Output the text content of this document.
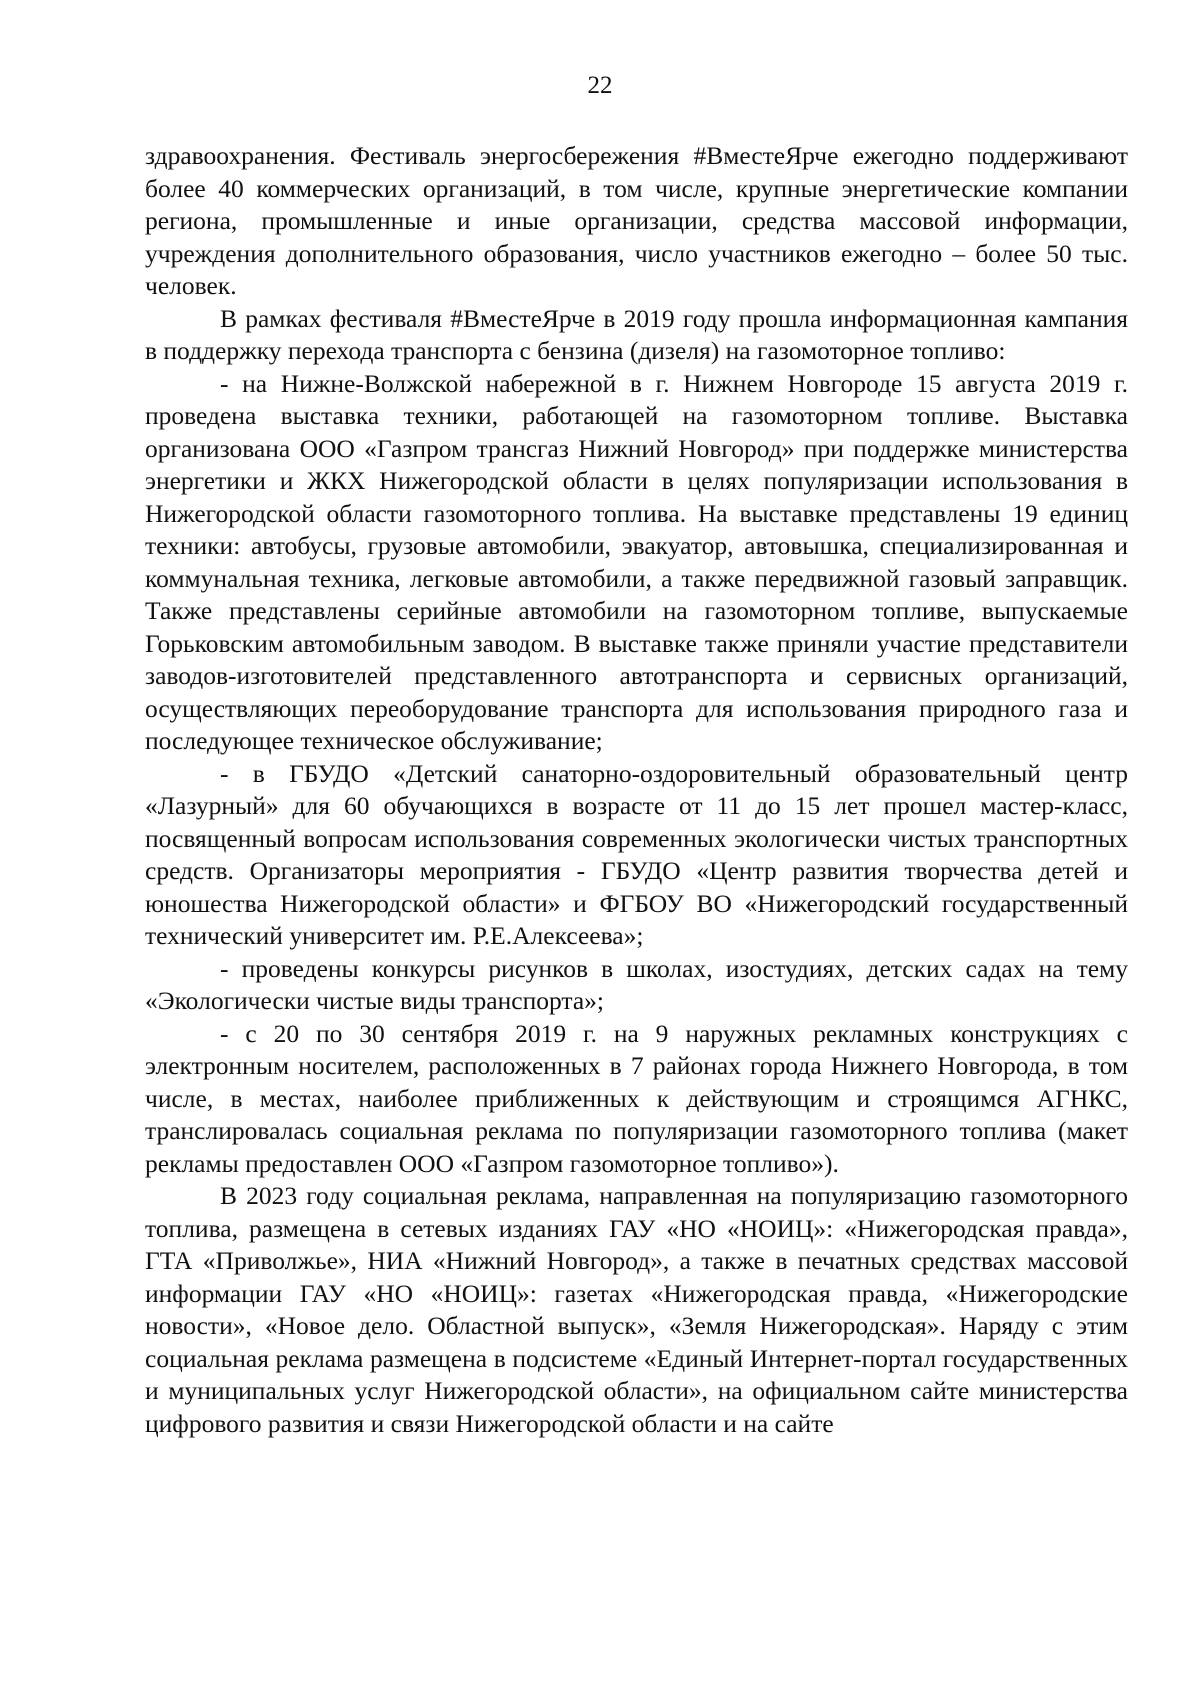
22

здравоохранения. Фестиваль энергосбережения #ВместеЯрче ежегодно поддерживают более 40 коммерческих организаций, в том числе, крупные энергетические компании региона, промышленные и иные организации, средства массовой информации, учреждения дополнительного образования, число участников ежегодно – более 50 тыс. человек.

В рамках фестиваля #ВместеЯрче в 2019 году прошла информационная кампания в поддержку перехода транспорта с бензина (дизеля) на газомоторное топливо:

- на Нижне-Волжской набережной в г. Нижнем Новгороде 15 августа 2019 г. проведена выставка техники, работающей на газомоторном топливе. Выставка организована ООО «Газпром трансгаз Нижний Новгород» при поддержке министерства энергетики и ЖКХ Нижегородской области в целях популяризации использования в Нижегородской области газомоторного топлива. На выставке представлены 19 единиц техники: автобусы, грузовые автомобили, эвакуатор, автовышка, специализированная и коммунальная техника, легковые автомобили, а также передвижной газовый заправщик. Также представлены серийные автомобили на газомоторном топливе, выпускаемые Горьковским автомобильным заводом. В выставке также приняли участие представители заводов-изготовителей представленного автотранспорта и сервисных организаций, осуществляющих переоборудование транспорта для использования природного газа и последующее техническое обслуживание;

- в ГБУДО «Детский санаторно-оздоровительный образовательный центр «Лазурный» для 60 обучающихся в возрасте от 11 до 15 лет прошел мастер-класс, посвященный вопросам использования современных экологически чистых транспортных средств. Организаторы мероприятия - ГБУДО «Центр развития творчества детей и юношества Нижегородской области» и ФГБОУ ВО «Нижегородский государственный технический университет им. Р.Е.Алексеева»;

- проведены конкурсы рисунков в школах, изостудиях, детских садах на тему «Экологически чистые виды транспорта»;

- с 20 по 30 сентября 2019 г. на 9 наружных рекламных конструкциях с электронным носителем, расположенных в 7 районах города Нижнего Новгорода, в том числе, в местах, наиболее приближенных к действующим и строящимся АГНКС, транслировалась социальная реклама по популяризации газомоторного топлива (макет рекламы предоставлен ООО «Газпром газомоторное топливо»).

В 2023 году социальная реклама, направленная на популяризацию газомоторного топлива, размещена в сетевых изданиях ГАУ «НО «НОИЦ»: «Нижегородская правда», ГТА «Приволжье», НИА «Нижний Новгород», а также в печатных средствах массовой информации ГАУ «НО «НОИЦ»: газетах «Нижегородская правда, «Нижегородские новости», «Новое дело. Областной выпуск», «Земля Нижегородская». Наряду с этим социальная реклама размещена в подсистеме «Единый Интернет-портал государственных и муниципальных услуг Нижегородской области», на официальном сайте министерства цифрового развития и связи Нижегородской области и на сайте
